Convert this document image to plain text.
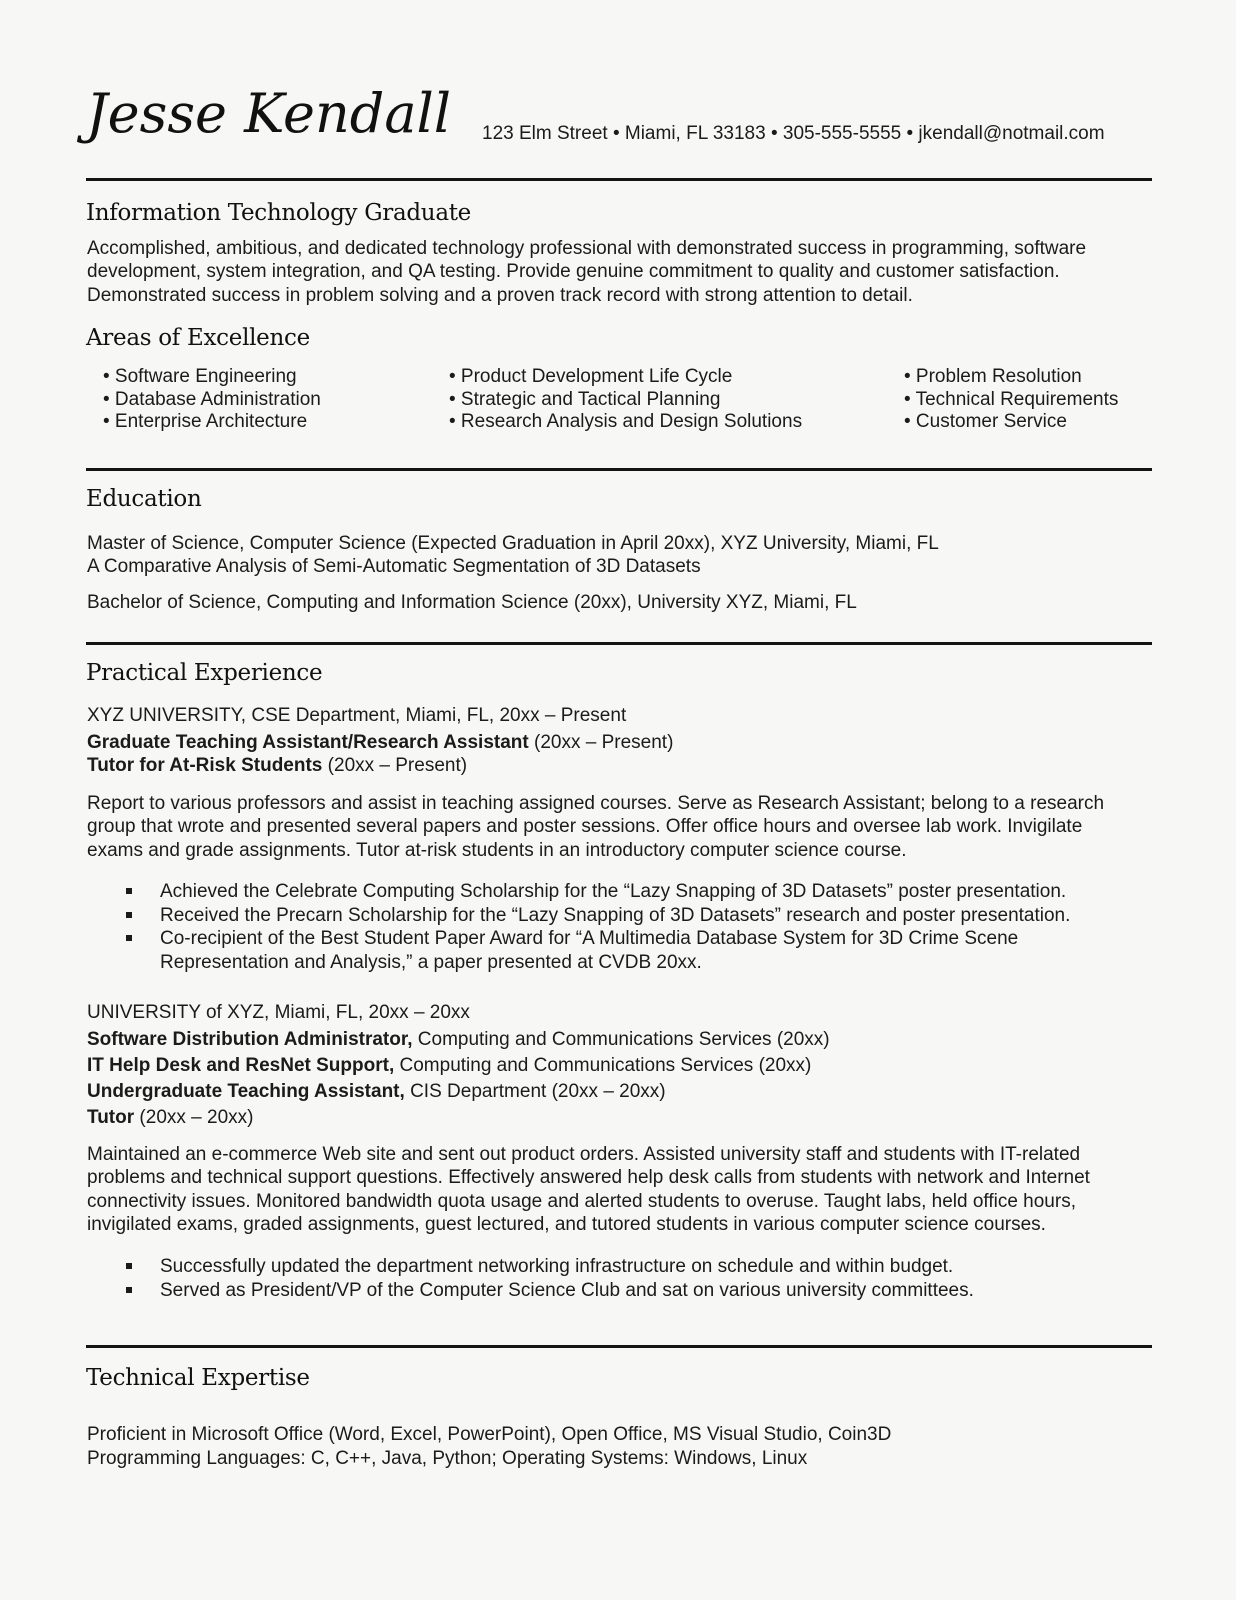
Jesse Kendall 123 Elm Street • Miami, FL 33183 • 305-555-5555 • jkendall@notmail.com
Information Technology Graduate
Accomplished, ambitious, and dedicated technology professional with demonstrated success in programming, software
development, system integration, and QA testing. Provide genuine commitment to quality and customer satisfaction.
Demonstrated success in problem solving and a proven track record with strong attention to detail.
Areas of Excellence
• Software Engineering
• Database Administration
• Enterprise Architecture
• Product Development Life Cycle
• Strategic and Tactical Planning
• Research Analysis and Design Solutions
• Problem Resolution
• Technical Requirements
• Customer Service
Education
Master of Science, Computer Science (Expected Graduation in April 20xx), XYZ University, Miami, FL
A Comparative Analysis of Semi-Automatic Segmentation of 3D Datasets
Bachelor of Science, Computing and Information Science (20xx), University XYZ, Miami, FL
Practical Experience
XYZ UNIVERSITY, CSE Department, Miami, FL, 20xx – Present
Graduate Teaching Assistant/Research Assistant (20xx – Present)
Tutor for At-Risk Students (20xx – Present)
Report to various professors and assist in teaching assigned courses. Serve as Research Assistant; belong to a research
group that wrote and presented several papers and poster sessions. Offer office hours and oversee lab work. Invigilate
exams and grade assignments. Tutor at-risk students in an introductory computer science course.
Achieved the Celebrate Computing Scholarship for the “Lazy Snapping of 3D Datasets” poster presentation.
Received the Precarn Scholarship for the “Lazy Snapping of 3D Datasets” research and poster presentation.
Co-recipient of the Best Student Paper Award for “A Multimedia Database System for 3D Crime Scene
Representation and Analysis,” a paper presented at CVDB 20xx.
UNIVERSITY of XYZ, Miami, FL, 20xx – 20xx
Software Distribution Administrator, Computing and Communications Services (20xx)
IT Help Desk and ResNet Support, Computing and Communications Services (20xx)
Undergraduate Teaching Assistant, CIS Department (20xx – 20xx)
Tutor (20xx – 20xx)
Maintained an e-commerce Web site and sent out product orders. Assisted university staff and students with IT-related
problems and technical support questions. Effectively answered help desk calls from students with network and Internet
connectivity issues. Monitored bandwidth quota usage and alerted students to overuse. Taught labs, held office hours,
invigilated exams, graded assignments, guest lectured, and tutored students in various computer science courses.
Successfully updated the department networking infrastructure on schedule and within budget.
Served as President/VP of the Computer Science Club and sat on various university committees.
Technical Expertise
Proficient in Microsoft Office (Word, Excel, PowerPoint), Open Office, MS Visual Studio, Coin3D
Programming Languages: C, C++, Java, Python; Operating Systems: Windows, Linux
